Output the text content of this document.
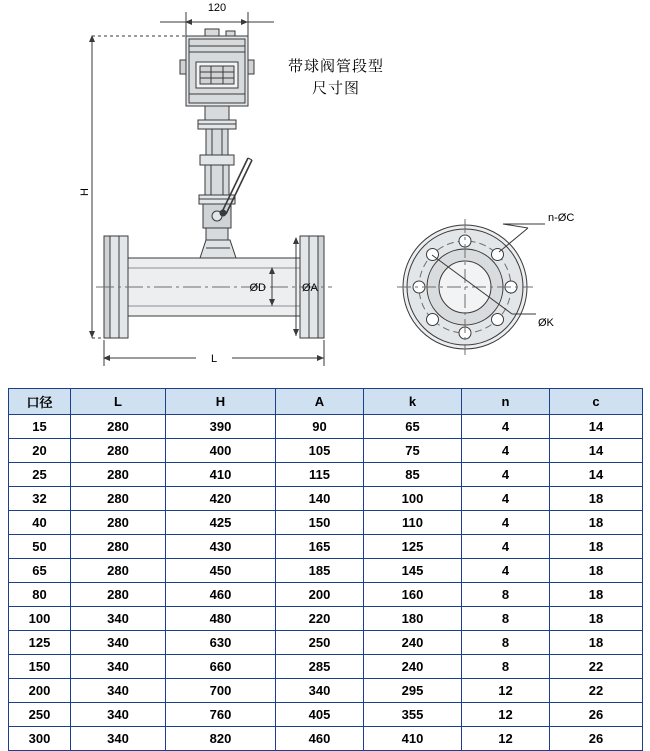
120
H
L
ØD	ØA
n-ØC
ØK
带球阀管段型
尺寸图
口径	L	H	A	k	n	c
15	280	390	90	65	4	14
20	280	400	105	75	4	14
25	280	410	115	85	4	14
32	280	420	140	100	4	18
40	280	425	150	110	4	18
50	280	430	165	125	4	18
65	280	450	185	145	4	18
80	280	460	200	160	8	18
100	340	480	220	180	8	18
125	340	630	250	240	8	18
150	340	660	285	240	8	22
200	340	700	340	295	12	22
250	340	760	405	355	12	26
300	340	820	460	410	12	26
